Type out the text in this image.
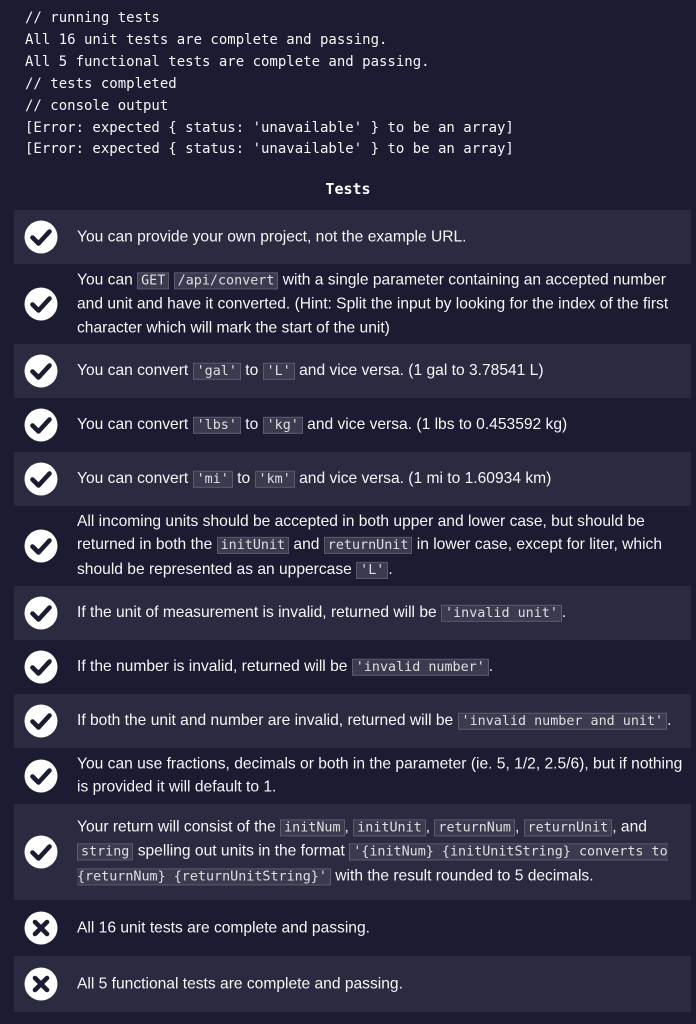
// running tests
All 16 unit tests are complete and passing.
All 5 functional tests are complete and passing.
// tests completed
// console output
[Error: expected { status: 'unavailable' } to be an array]
[Error: expected { status: 'unavailable' } to be an array]
Tests
You can provide your own project, not the example URL.
You can GET /api/convert with a single parameter containing an accepted number and unit and have it converted. (Hint: Split the input by looking for the index of the first character which will mark the start of the unit)
You can convert 'gal' to 'L' and vice versa. (1 gal to 3.78541 L)
You can convert 'lbs' to 'kg' and vice versa. (1 lbs to 0.453592 kg)
You can convert 'mi' to 'km' and vice versa. (1 mi to 1.60934 km)
All incoming units should be accepted in both upper and lower case, but should be returned in both the initUnit and returnUnit in lower case, except for liter, which should be represented as an uppercase 'L' .
If the unit of measurement is invalid, returned will be 'invalid unit' .
If the number is invalid, returned will be 'invalid number' .
If both the unit and number are invalid, returned will be 'invalid number and unit' .
You can use fractions, decimals or both in the parameter (ie. 5, 1/2, 2.5/6), but if nothing is provided it will default to 1.
Your return will consist of the initNum , initUnit , returnNum , returnUnit , and string spelling out units in the format '{initNum} {initUnitString} converts to {returnNum} {returnUnitString}' with the result rounded to 5 decimals.
All 16 unit tests are complete and passing.
All 5 functional tests are complete and passing.
